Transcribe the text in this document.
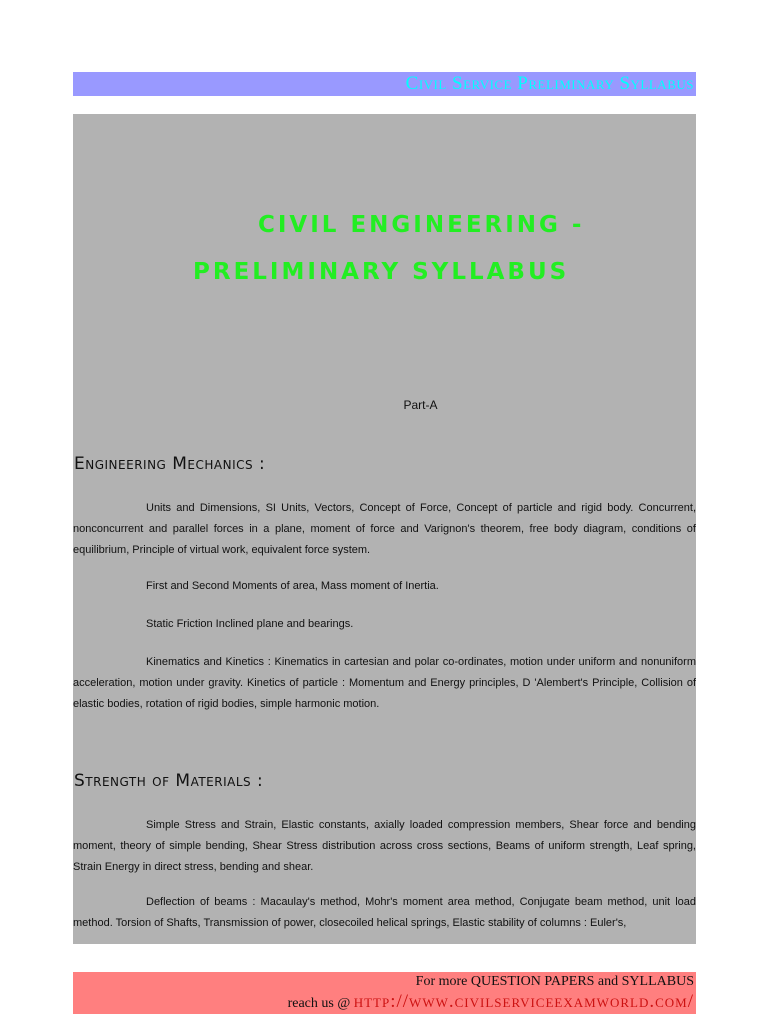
Civil Service Preliminary Syllabus
CIVIL ENGINEERING -
PRELIMINARY SYLLABUS
Part-A
Engineering Mechanics :

Units and Dimensions, SI Units, Vectors, Concept of Force, Concept of particle and rigid body. Concurrent, nonconcurrent and parallel forces in a plane, moment of force and Varignon's theorem, free body diagram, conditions of equilibrium, Principle of virtual work, equivalent force system.

First and Second Moments of area, Mass moment of Inertia.

Static Friction Inclined plane and bearings.

Kinematics and Kinetics : Kinematics in cartesian and polar co-ordinates, motion under uniform and nonuniform acceleration, motion under gravity. Kinetics of particle : Momentum and Energy principles, D 'Alembert's Principle, Collision of elastic bodies, rotation of rigid bodies, simple harmonic motion.

Strength of Materials :

Simple Stress and Strain, Elastic constants, axially loaded compression members, Shear force and bending moment, theory of simple bending, Shear Stress distribution across cross sections, Beams of uniform strength, Leaf spring, Strain Energy in direct stress, bending and shear.

Deflection of beams : Macaulay's method, Mohr's moment area method, Conjugate beam method, unit load method. Torsion of Shafts, Transmission of power, closecoiled helical springs, Elastic stability of columns : Euler's,

For more QUESTION PAPERS and SYLLABUS
reach us @ http://www.civilserviceexamworld.com/
